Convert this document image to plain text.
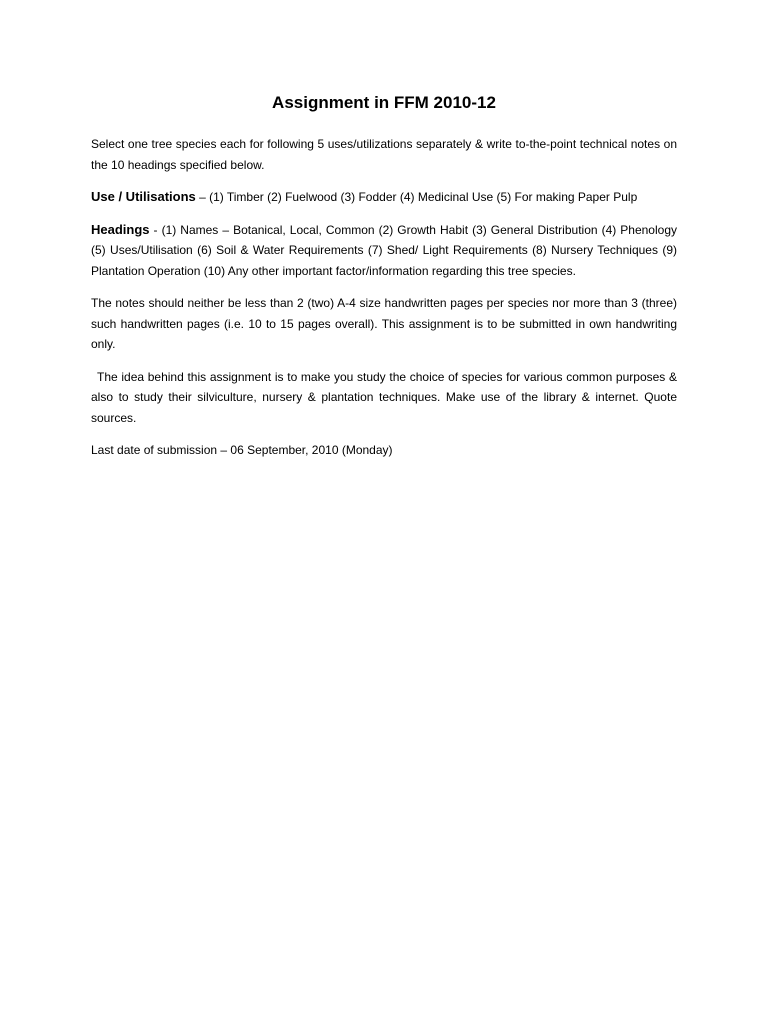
Assignment in FFM 2010-12

Select one tree species each for following 5 uses/utilizations separately & write to-the-point technical notes on the 10 headings specified below.

Use / Utilisations – (1) Timber (2) Fuelwood (3) Fodder (4) Medicinal Use (5) For making Paper Pulp

Headings - (1) Names – Botanical, Local, Common (2) Growth Habit (3) General Distribution (4) Phenology (5) Uses/Utilisation (6) Soil & Water Requirements (7) Shed/ Light Requirements (8) Nursery Techniques (9) Plantation Operation (10) Any other important factor/information regarding this tree species.

The notes should neither be less than 2 (two) A-4 size handwritten pages per species nor more than 3 (three) such handwritten pages (i.e. 10 to 15 pages overall). This assignment is to be submitted in own handwriting only.

The idea behind this assignment is to make you study the choice of species for various common purposes & also to study their silviculture, nursery & plantation techniques. Make use of the library & internet. Quote sources.

Last date of submission – 06 September, 2010 (Monday)
